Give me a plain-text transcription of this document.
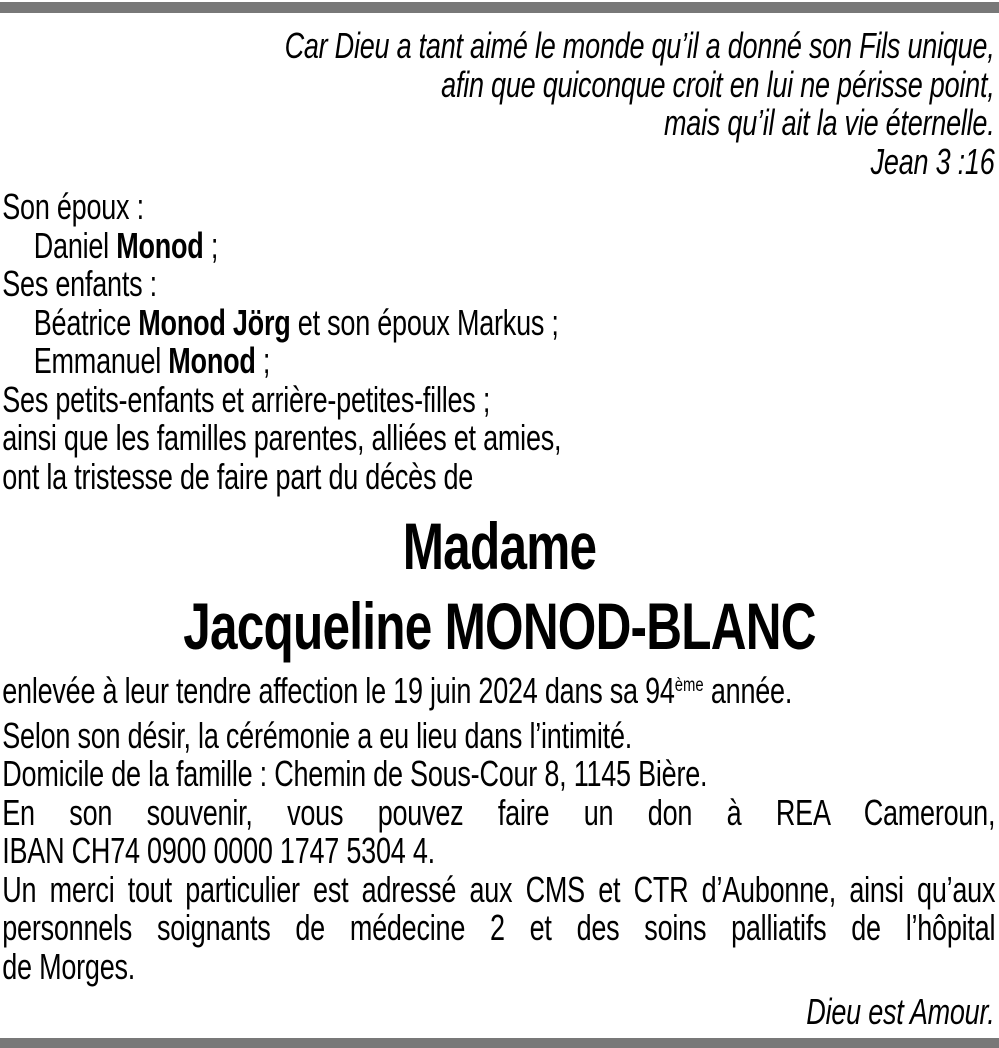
Car Dieu a tant aimé le monde qu’il a donné son Fils unique,
afin que quiconque croit en lui ne périsse point,
mais qu’il ait la vie éternelle.
Jean 3 :16
Son époux :
Daniel Monod ;
Ses enfants :
Béatrice Monod Jörg et son époux Markus ;
Emmanuel Monod ;
Ses petits-enfants et arrière-petites-filles ;
ainsi que les familles parentes, alliées et amies,
ont la tristesse de faire part du décès de
Madame
Jacqueline MONOD-BLANC
enlevée à leur tendre affection le 19 juin 2024 dans sa 94ème année.
Selon son désir, la cérémonie a eu lieu dans l’intimité.
Domicile de la famille : Chemin de Sous-Cour 8, 1145 Bière.
En son souvenir, vous pouvez faire un don à REA Cameroun,
IBAN CH74 0900 0000 1747 5304 4.
Un merci tout particulier est adressé aux CMS et CTR d’Aubonne, ainsi qu’aux
personnels soignants de médecine 2 et des soins palliatifs de l’hôpital
de Morges.
Dieu est Amour.
